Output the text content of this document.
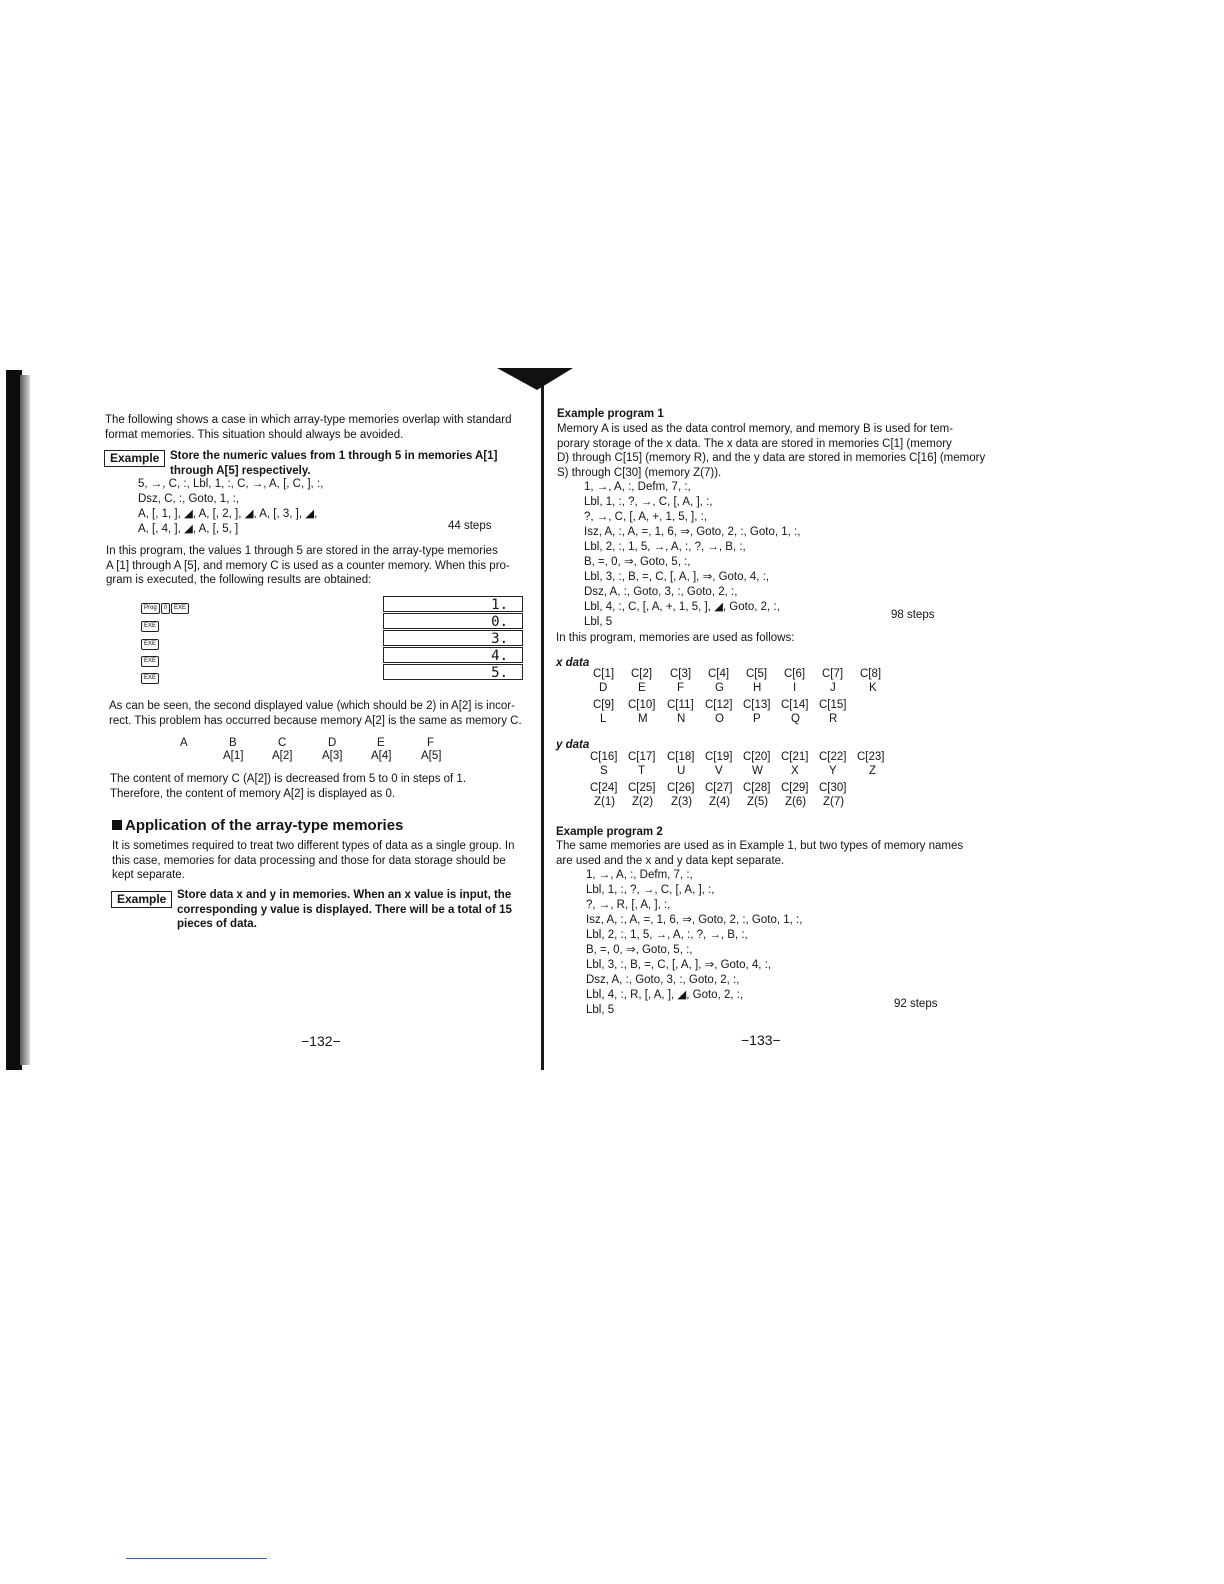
The following shows a case in which array-type memories overlap with standard
format memories. This situation should always be avoided.
Example Store the numeric values from 1 through 5 in memories A[1]
through A[5] respectively.
5, →, C, :, Lbl, 1, :, C, →, A, [, C, ], :,
Dsz, C, :, Goto, 1, :,
A, [, 1, ], ◢, A, [, 2, ], ◢, A, [, 3, ], ◢,
A, [, 4, ], ◢, A, [, 5, ]	44 steps
In this program, the values 1 through 5 are stored in the array-type memories
A [1] through A [5], and memory C is used as a counter memory. When this pro-
gram is executed, the following results are obtained:
Prog 0 EXE
EXE
EXE
EXE
EXE
1.
0.
3.
4.
5.
As can be seen, the second displayed value (which should be 2) in A[2] is incor-
rect. This problem has occurred because memory A[2] is the same as memory C.
A	B	C	D	E	F
A[1] A[2]	A[3] A[4]	A[5]
The content of memory C (A[2]) is decreased from 5 to 0 in steps of 1.
Therefore, the content of memory A[2] is displayed as 0.
Application of the array-type memories
It is sometimes required to treat two different types of data as a single group. In
this case, memories for data processing and those for data storage should be
kept separate.
Example Store data x and y in memories. When an x value is input, the
corresponding y value is displayed. There will be a total of 15
pieces of data.
−132−
Example program 1
Memory A is used as the data control memory, and memory B is used for tem-
porary storage of the x data. The x data are stored in memories C[1] (memory
D) through C[15] (memory R), and the y data are stored in memories C[16] (memory
S) through C[30] (memory Z(7)).
1, →, A, :, Defm, 7, :,
Lbl, 1, :, ?, →, C, [, A, ], :,
?, →, C, [, A, +, 1, 5, ], :,
Isz, A, :, A, =, 1, 6, ⇒, Goto, 2, :, Goto, 1, :,
Lbl, 2, :, 1, 5, →, A, :, ?, →, B, :,
B, =, 0, ⇒, Goto, 5, :,
Lbl, 3, :, B, =, C, [, A, ], ⇒, Goto, 4, :,
Dsz, A, :, Goto, 3, :, Goto, 2, :,
Lbl, 4, :, C, [, A, +, 1, 5, ], ◢, Goto, 2, :,
Lbl, 5
98 steps
In this program, memories are used as follows:
x data
C[1] C[2] C[3] C[4] C[5] C[6] C[7] C[8]
D	E	F	G	H	I	J	K
C[9] C[10] C[11] C[12] C[13] C[14] C[15]
L	M	N	O	P	Q	R
y data
C[16] C[17] C[18] C[19] C[20] C[21] C[22] C[23]
S	T	U	V	W X	Y	Z
C[24] C[25] C[26] C[27] C[28] C[29] C[30]
Z(1) Z(2) Z(3) Z(4) Z(5) Z(6) Z(7)
Example program 2
The same memories are used as in Example 1, but two types of memory names
are used and the x and y data kept separate.
1, →, A, :, Defm, 7, :,
Lbl, 1, :, ?, →, C, [, A, ], :,
?, →, R, [, A, ], :,
Isz, A, :, A, =, 1, 6, ⇒, Goto, 2, :, Goto, 1, :,
Lbl, 2, :, 1, 5, →, A, :, ?, →, B, :,
B, =, 0, ⇒, Goto, 5, :,
Lbl, 3, :, B, =, C, [, A, ], ⇒, Goto, 4, :,
Dsz, A, :, Goto, 3, :, Goto, 2, :,
Lbl, 4, :, R, [, A, ], ◢, Goto, 2, :,
Lbl, 5	92 steps
−133−
